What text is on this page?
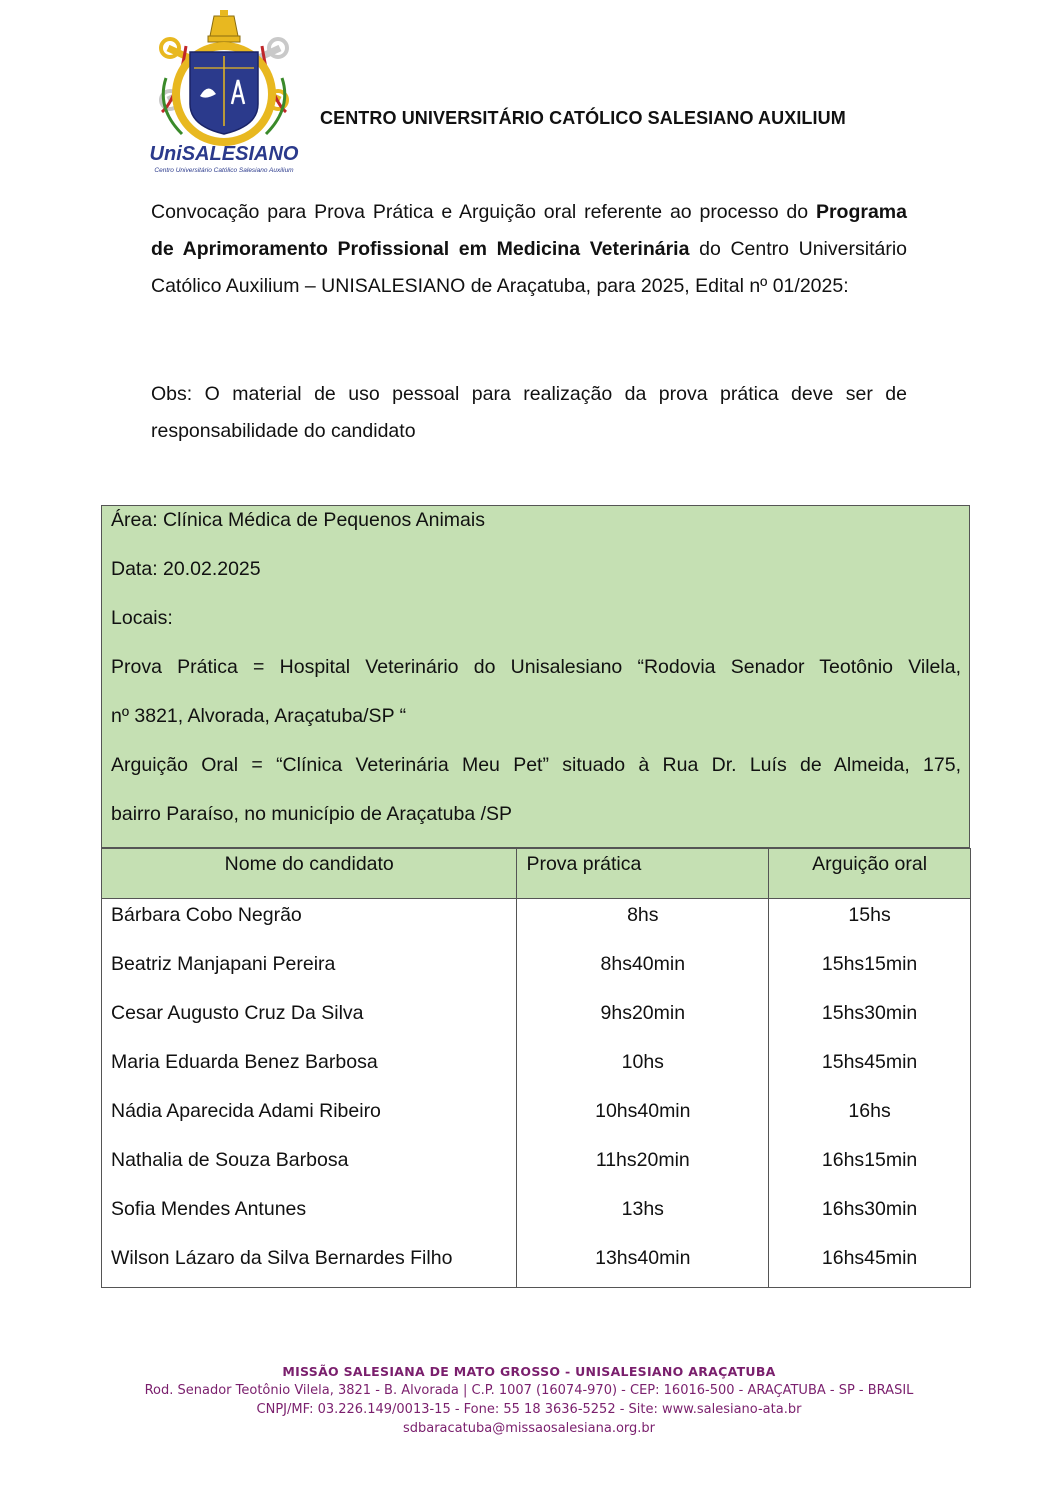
UniSALESIANO
Centro Universitário Católico Salesiano Auxilium
CENTRO UNIVERSITÁRIO CATÓLICO SALESIANO AUXILIUM

Convocação para Prova Prática e Arguição oral referente ao processo do Programa de Aprimoramento Profissional em Medicina Veterinária do Centro Universitário Católico Auxilium – UNISALESIANO de Araçatuba, para 2025, Edital nº 01/2025:

Obs: O material de uso pessoal para realização da prova prática deve ser de responsabilidade do candidato

Área: Clínica Médica de Pequenos Animais
Data: 20.02.2025
Locais:
Prova Prática = Hospital Veterinário do Unisalesiano “Rodovia Senador Teotônio Vilela,
nº 3821, Alvorada, Araçatuba/SP “
Arguição Oral = “Clínica Veterinária Meu Pet” situado à Rua Dr. Luís de Almeida, 175,
bairro Paraíso, no município de Araçatuba /SP
Nome do candidato	Prova prática	Arguição oral
Bárbara Cobo Negrão	8hs	15hs
Beatriz Manjapani Pereira	8hs40min	15hs15min
Cesar Augusto Cruz Da Silva	9hs20min	15hs30min
Maria Eduarda Benez Barbosa	10hs	15hs45min
Nádia Aparecida Adami Ribeiro	10hs40min	16hs
Nathalia de Souza Barbosa	11hs20min	16hs15min
Sofia Mendes Antunes	13hs	16hs30min
Wilson Lázaro da Silva Bernardes Filho	13hs40min	16hs45min
MISSÃO SALESIANA DE MATO GROSSO - UNISALESIANO ARAÇATUBA
Rod. Senador Teotônio Vilela, 3821 - B. Alvorada | C.P. 1007 (16074-970) - CEP: 16016-500 - ARAÇATUBA - SP - BRASIL
CNPJ/MF: 03.226.149/0013-15 - Fone: 55 18 3636-5252 - Site: www.salesiano-ata.br
sdbaracatuba@missaosalesiana.org.br
